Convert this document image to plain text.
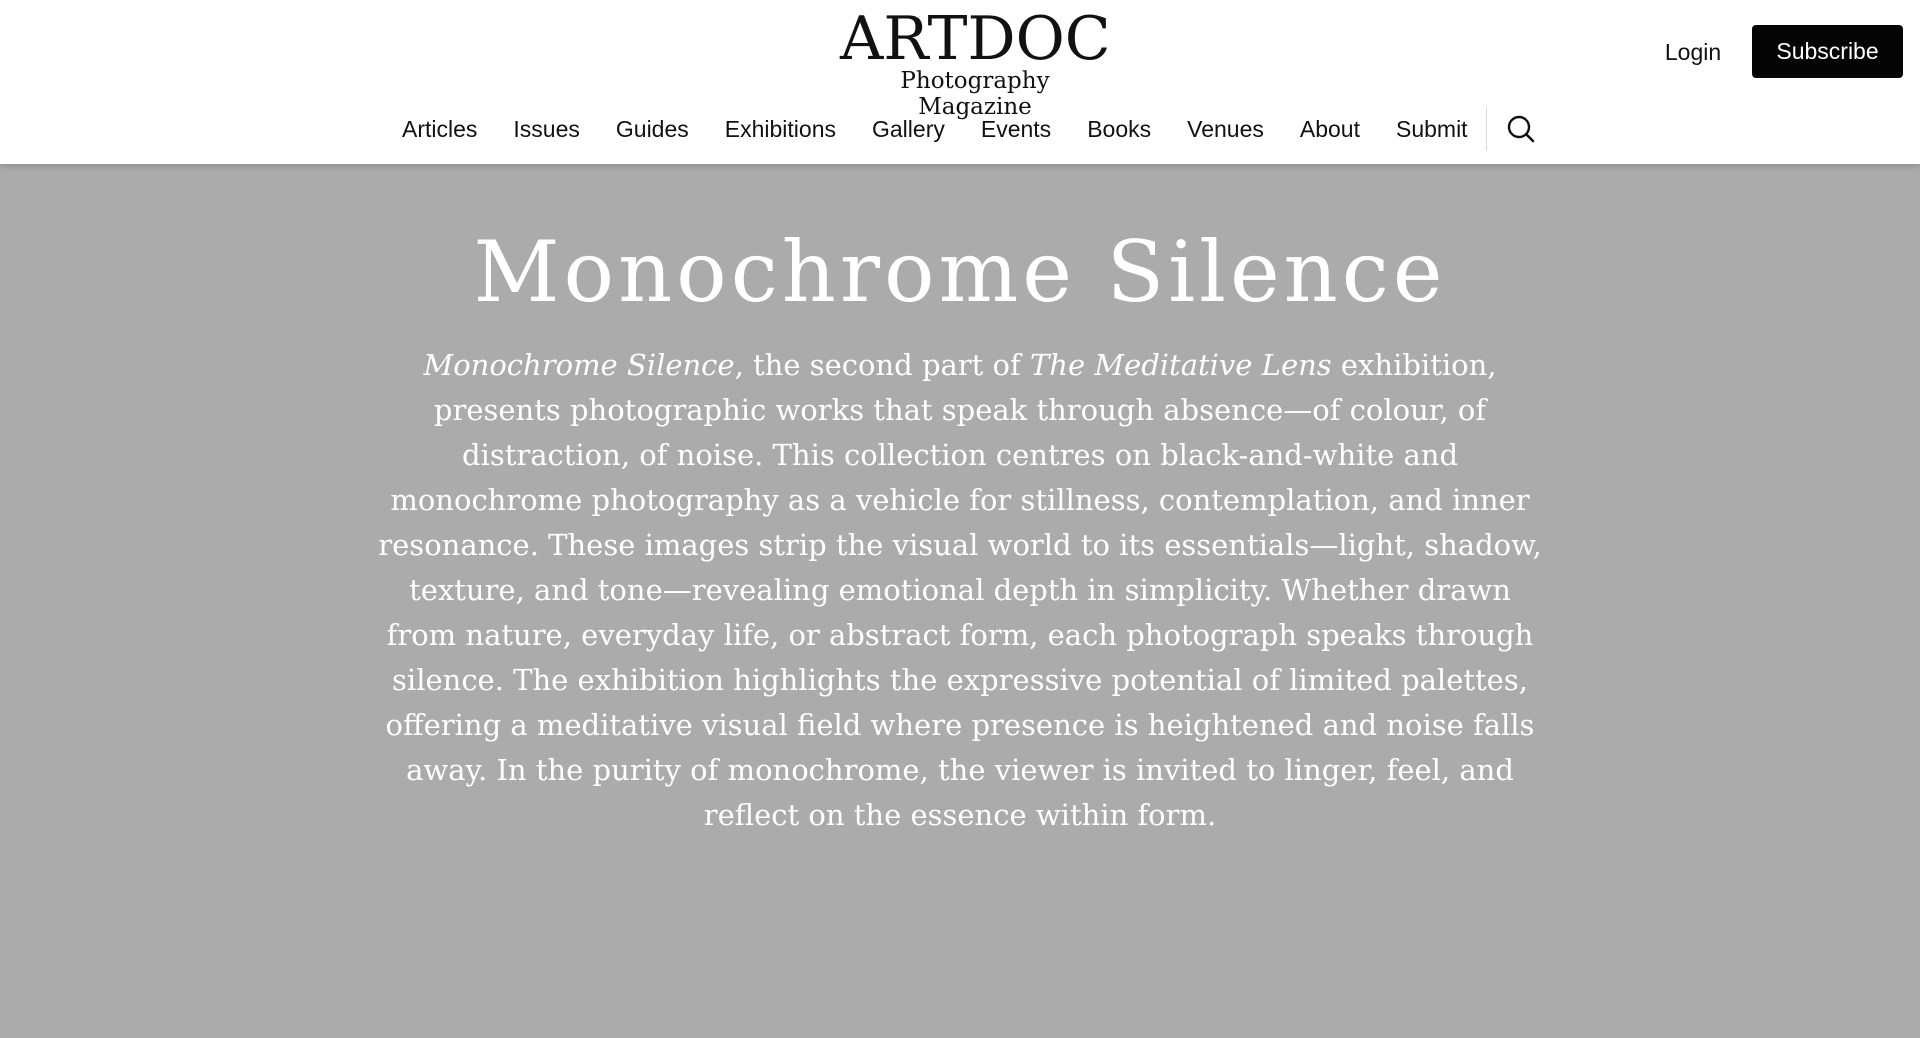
ARTDOC
Photography Magazine
Login	Subscribe
Articles	Issues	Guides	Exhibitions	Gallery	Events	Books	Venues	About	Submit
Monochrome Silence

Monochrome Silence, the second part of The Meditative Lens exhibition, presents photographic works that speak through absence—of colour, of distraction, of noise. This collection centres on black-and-white and monochrome photography as a vehicle for stillness, contemplation, and inner resonance. These images strip the visual world to its essentials—light, shadow, texture, and tone—revealing emotional depth in simplicity. Whether drawn from nature, everyday life, or abstract form, each photograph speaks through silence. The exhibition highlights the expressive potential of limited palettes, offering a meditative visual field where presence is heightened and noise falls away. In the purity of monochrome, the viewer is invited to linger, feel, and reflect on the essence within form.
